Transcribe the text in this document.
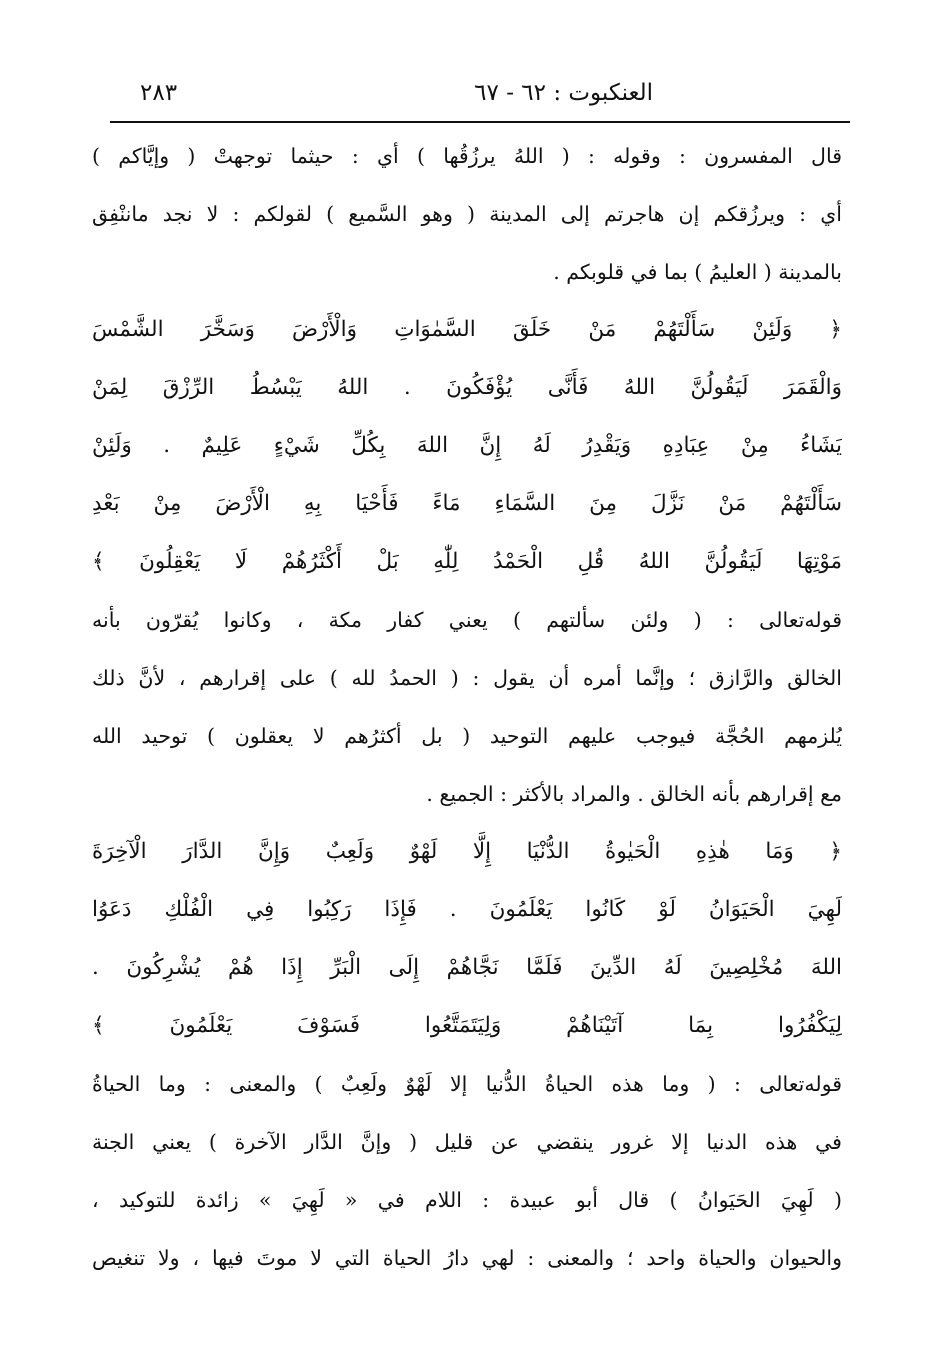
العنكبوت : ٦٢ - ٦٧
٢٨٣
قال المفسرون : وقوله : ( اللهُ يرزُقُها ) أي : حيثما توجهتْ ( وإيَّاكم )
أي : ويرزُقكم إن هاجرتم إلى المدينة ( وهو السَّميع ) لقولكم : لا نجد ماننْفِق
بالمدينة ( العليمُ ) بما في قلوبكم .
﴿ وَلَئِنْ سَأَلْتَهُمْ مَنْ خَلَقَ السَّمٰوَاتِ وَالْأَرْضَ وَسَخَّرَ الشَّمْسَ
وَالْقَمَرَ لَيَقُولُنَّ اللهُ فَأَنَّى يُؤْفَكُونَ . اللهُ يَبْسُطُ الرِّزْقَ لِمَنْ
يَشَاءُ مِنْ عِبَادِهِ وَيَقْدِرُ لَهُ إِنَّ اللهَ بِكُلِّ شَيْءٍ عَلِيمٌ . وَلَئِنْ
سَأَلْتَهُمْ مَنْ نَزَّلَ مِنَ السَّمَاءِ مَاءً فَأَحْيَا بِهِ الْأَرْضَ مِنْ بَعْدِ
مَوْتِهَا لَيَقُولُنَّ اللهُ قُلِ الْحَمْدُ لِلّٰهِ بَلْ أَكْثَرُهُمْ لَا يَعْقِلُونَ ﴾
قوله‌تعالى : ( ولئن سألتهم ) يعني كفار مكة ، وكانوا يُقرّون بأنه
الخالق والرَّازق ؛ وإنَّما أمره أن يقول : ( الحمدُ لله ) على إقرارهم ، لأنَّ ذلك
يُلزمهم الحُجَّة فيوجب عليهم التوحيد ( بل أكثرُهم لا يعقلون ) توحيد الله
مع إقرارهم بأنه الخالق . والمراد بالأكثر : الجميع .
﴿ وَمَا هٰذِهِ الْحَيٰوةُ الدُّنْيَا إِلَّا لَهْوٌ وَلَعِبٌ وَإِنَّ الدَّارَ الْآخِرَةَ
لَهِيَ الْحَيَوَانُ لَوْ كَانُوا يَعْلَمُونَ . فَإِذَا رَكِبُوا فِي الْفُلْكِ دَعَوُا
اللهَ مُخْلِصِينَ لَهُ الدِّينَ فَلَمَّا نَجَّاهُمْ إِلَى الْبَرِّ إِذَا هُمْ يُشْرِكُونَ .
لِيَكْفُرُوا بِمَا آتَيْنَاهُمْ وَلِيَتَمَتَّعُوا فَسَوْفَ يَعْلَمُونَ ﴾
قوله‌تعالى : ( وما هذه الحياةُ الدُّنيا إلا لَهْوٌ ولَعِبٌ ) والمعنى : وما الحياةُ
في هذه الدنيا إلا غرور ينقضي عن قليل ( وإنَّ الدَّار الآخرة ) يعني الجنة
( لَهِيَ الحَيَوانُ ) قال أبو عبيدة : اللام في « لَهِيَ » زائدة للتوكيد ،
والحيوان والحياة واحد ؛ والمعنى : لهي دارُ الحياة التي لا موتَ فيها ، ولا تنغيص
